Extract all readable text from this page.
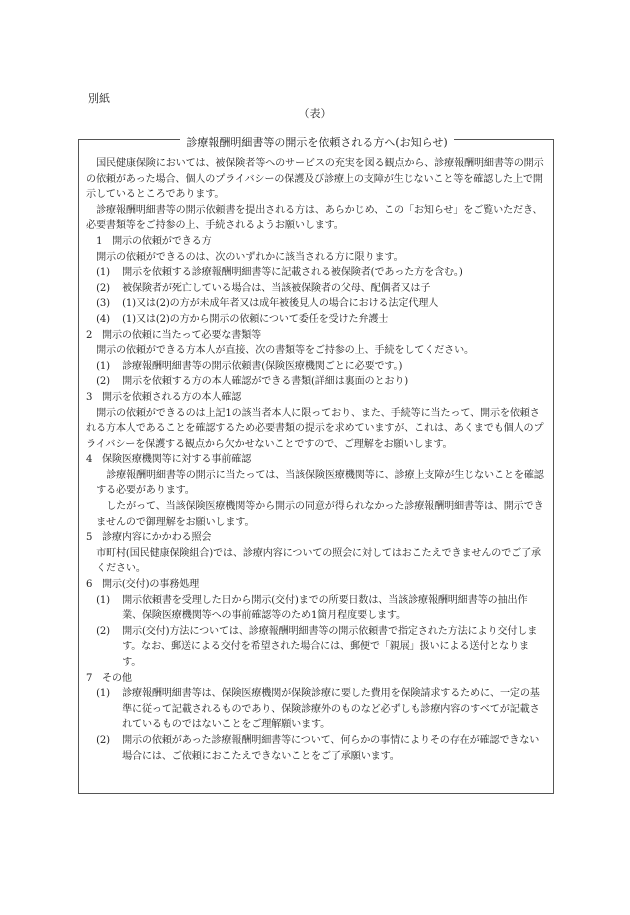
別紙
（表）
診療報酬明細書等の開示を依頼される方へ(お知らせ)

国民健康保険においては、被保険者等へのサービスの充実を図る観点から、診療報酬明細書等の開示の依頼があった場合、個人のプライバシーの保護及び診療上の支障が生じないこと等を確認した上で開示しているところであります。

診療報酬明細書等の開示依頼書を提出される方は、あらかじめ、この「お知らせ」をご覧いただき、必要書類等をご持参の上、手続されるようお願いします。

1 開示の依頼ができる方

開示の依頼ができるのは、次のいずれかに該当される方に限ります。

(1)	開示を依頼する診療報酬明細書等に記載される被保険者(であった方を含む。)
(2)	被保険者が死亡している場合は、当該被保険者の父母、配偶者又は子
(3)	(1)又は(2)の方が未成年者又は成年被後見人の場合における法定代理人
(4)	(1)又は(2)の方から開示の依頼について委任を受けた弁護士
2 開示の依頼に当たって必要な書類等

開示の依頼ができる方本人が直接、次の書類等をご持参の上、手続をしてください。

(1)	診療報酬明細書等の開示依頼書(保険医療機関ごとに必要です。)
(2)	開示を依頼する方の本人確認ができる書類(詳細は裏面のとおり)
3 開示を依頼される方の本人確認

開示の依頼ができるのは上記1の該当者本人に限っており、また、手続等に当たって、開示を依頼される方本人であることを確認するため必要書類の提示を求めていますが、これは、あくまでも個人のプライバシーを保護する観点から欠かせないことですので、ご理解をお願いします。

4 保険医療機関等に対する事前確認

診療報酬明細書等の開示に当たっては、当該保険医療機関等に、診療上支障が生じないことを確認する必要があります。

したがって、当該保険医療機関等から開示の同意が得られなかった診療報酬明細書等は、開示できませんので御理解をお願いします。

5 診療内容にかかわる照会

市町村(国民健康保険組合)では、診療内容についての照会に対してはおこたえできませんのでご了承ください。

6 開示(交付)の事務処理
(1)	開示依頼書を受理した日から開示(交付)までの所要日数は、当該診療報酬明細書等の抽出作業、保険医療機関等への事前確認等のため1箇月程度要します。
(2)	開示(交付)方法については、診療報酬明細書等の開示依頼書で指定された方法により交付します。なお、郵送による交付を希望された場合には、郵便で「親展」扱いによる送付となります。
7 その他
(1)	診療報酬明細書等は、保険医療機関が保険診療に要した費用を保険請求するために、一定の基準に従って記載されるものであり、保険診療外のものなど必ずしも診療内容のすべてが記載されているものではないことをご理解願います。
(2)	開示の依頼があった診療報酬明細書等について、何らかの事情によりその存在が確認できない場合には、ご依頼におこたえできないことをご了承願います。
